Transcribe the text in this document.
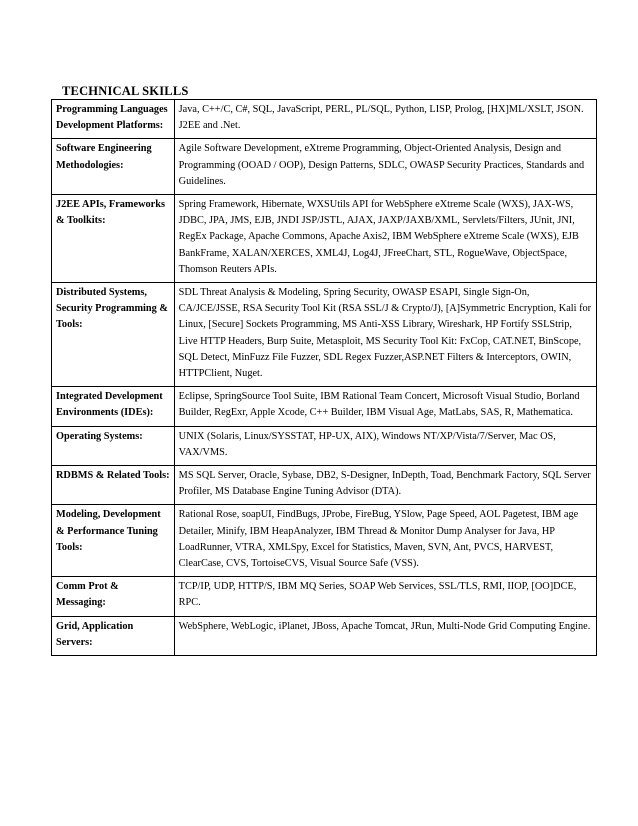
TECHNICAL SKILLS
Programming Languages Development Platforms:	Java, C++/C, C#, SQL, JavaScript, PERL, PL/SQL, Python, LISP, Prolog, [HX]ML/XSLT, JSON. J2EE and .Net.
Software Engineering Methodologies:	Agile Software Development, eXtreme Programming, Object-Oriented Analysis, Design and Programming (OOAD / OOP), Design Patterns, SDLC, OWASP Security Practices, Standards and Guidelines.
J2EE APIs, Frameworks & Toolkits:	Spring Framework, Hibernate, WXSUtils API for WebSphere eXtreme Scale (WXS), JAX-WS, JDBC, JPA, JMS, EJB, JNDI JSP/JSTL, AJAX, JAXP/JAXB/XML, Servlets/Filters, JUnit, JNI, RegEx Package, Apache Commons, Apache Axis2, IBM WebSphere eXtreme Scale (WXS), EJB BankFrame, XALAN/XERCES, XML4J, Log4J, JFreeChart, STL, RogueWave, ObjectSpace, Thomson Reuters APIs.
Distributed Systems, Security Programming & Tools:	SDL Threat Analysis & Modeling, Spring Security, OWASP ESAPI, Single Sign-On, CA/JCE/JSSE, RSA Security Tool Kit (RSA SSL/J & Crypto/J), [A]Symmetric Encryption, Kali for Linux, [Secure] Sockets Programming, MS Anti-XSS Library, Wireshark, HP Fortify SSLStrip, Live HTTP Headers, Burp Suite, Metasploit, MS Security Tool Kit: FxCop, CAT.NET, BinScope, SQL Detect, MinFuzz File Fuzzer, SDL Regex Fuzzer,ASP.NET Filters & Interceptors, OWIN, HTTPClient, Nuget.
Integrated Development Environments (IDEs):	Eclipse, SpringSource Tool Suite, IBM Rational Team Concert, Microsoft Visual Studio, Borland Builder, RegExr, Apple Xcode, C++ Builder, IBM Visual Age, MatLabs, SAS, R, Mathematica.
Operating Systems:	UNIX (Solaris, Linux/SYSSTAT, HP-UX, AIX), Windows NT/XP/Vista/7/Server, Mac OS, VAX/VMS.
RDBMS & Related Tools:	MS SQL Server, Oracle, Sybase, DB2, S-Designer, InDepth, Toad, Benchmark Factory, SQL Server Profiler, MS Database Engine Tuning Advisor (DTA).
Modeling, Development & Performance Tuning Tools:	Rational Rose, soapUI, FindBugs, JProbe, FireBug, YSlow, Page Speed, AOL Pagetest, IBM age Detailer, Minify, IBM HeapAnalyzer, IBM Thread & Monitor Dump Analyser for Java, HP LoadRunner, VTRA, XMLSpy, Excel for Statistics, Maven, SVN, Ant, PVCS, HARVEST, ClearCase, CVS, TortoiseCVS, Visual Source Safe (VSS).
Comm Prot & Messaging:	TCP/IP, UDP, HTTP/S, IBM MQ Series, SOAP Web Services, SSL/TLS, RMI, IIOP, [OO]DCE, RPC.
Grid, Application Servers:	WebSphere, WebLogic, iPlanet, JBoss, Apache Tomcat, JRun, Multi-Node Grid Computing Engine.
